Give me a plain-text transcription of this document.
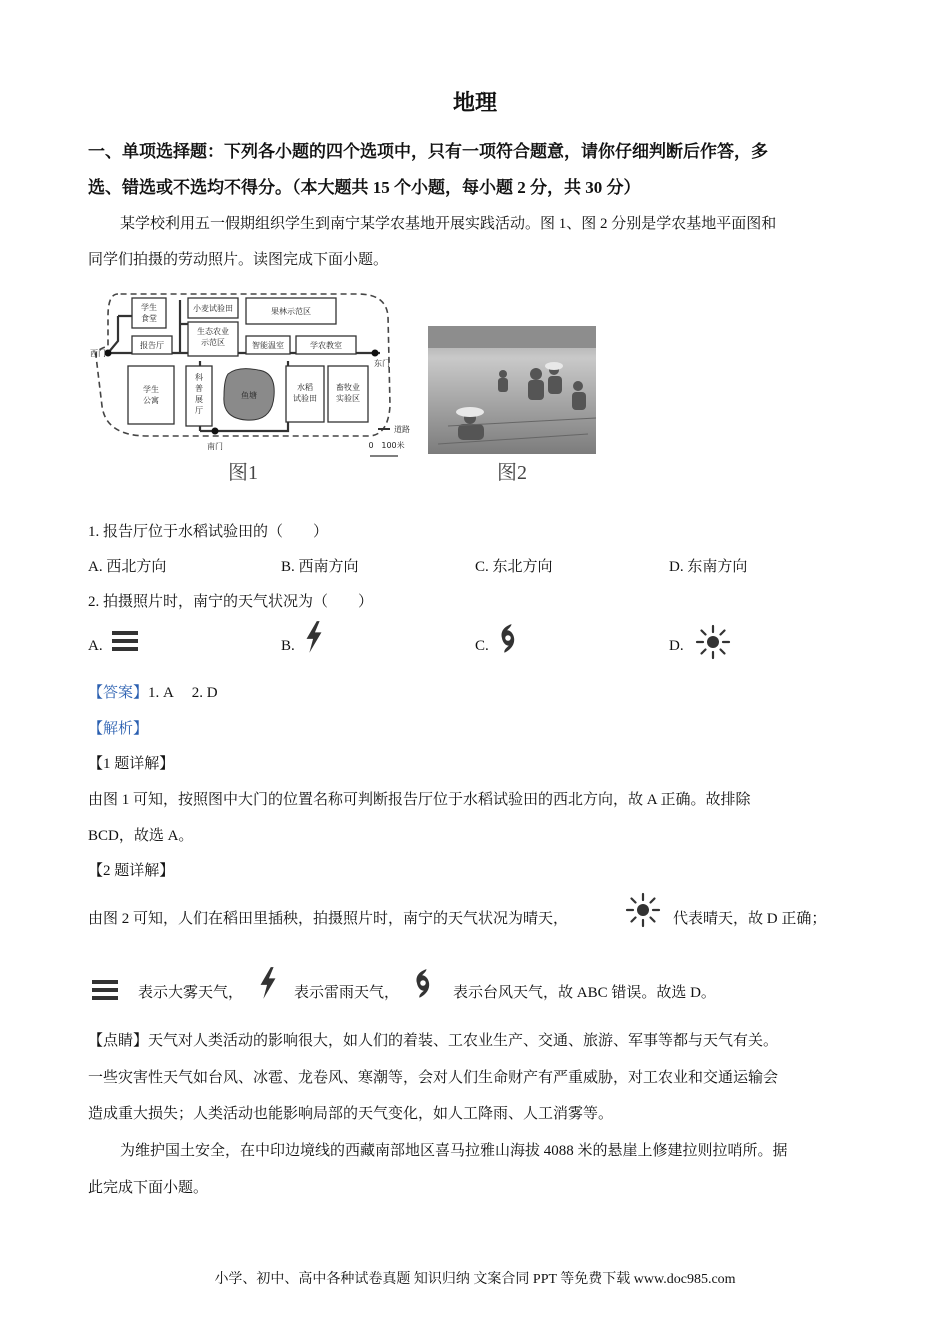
地理
一、单项选择题：下列各小题的四个选项中，只有一项符合题意，请你仔细判断后作答，多
选、错选或不选均不得分。（本大题共 15 个小题，每小题 2 分，共 30 分）
某学校利用五一假期组织学生到南宁某学农基地开展实践活动。图 1、图 2 分别是学农基地平面图和
同学们拍摄的劳动照片。读图完成下面小题。
学生
食堂
小麦试验田	果林示范区
生态农业
示范区
报告厅	智能温室	学农教室
西门
东门
学生
公寓
科
普
展
厅
鱼塘
水稻
试验田
畜牧业
实验区
南门
道路
0 100米
图1	图2
1. 报告厅位于水稻试验田的（　　）
A. 西北方向	B. 西南方向	C. 东北方向	D. 东南方向
2. 拍摄照片时，南宁的天气状况为（　　）
A.	B.	C.	D.
【答案】1. A　 2. D
【解析】
【1 题详解】
由图 1 可知，按照图中大门的位置名称可判断报告厅位于水稻试验田的西北方向，故 A 正确。故排除
BCD，故选 A。
【2 题详解】
由图 2 可知，人们在稻田里插秧，拍摄照片时，南宁的天气状况为晴天，	代表晴天，故 D 正确；
表示大雾天气，	表示雷雨天气，	表示台风天气，故 ABC 错误。故选 D。
【点睛】天气对人类活动的影响很大，如人们的着装、工农业生产、交通、旅游、军事等都与天气有关。
一些灾害性天气如台风、冰雹、龙卷风、寒潮等，会对人们生命财产有严重威胁，对工农业和交通运输会
造成重大损失；人类活动也能影响局部的天气变化，如人工降雨、人工消雾等。
为维护国土安全，在中印边境线的西藏南部地区喜马拉雅山海拔 4088 米的悬崖上修建拉则拉哨所。据
此完成下面小题。
小学、初中、高中各种试卷真题 知识归纳 文案合同 PPT 等免费下载 www.doc985.com
